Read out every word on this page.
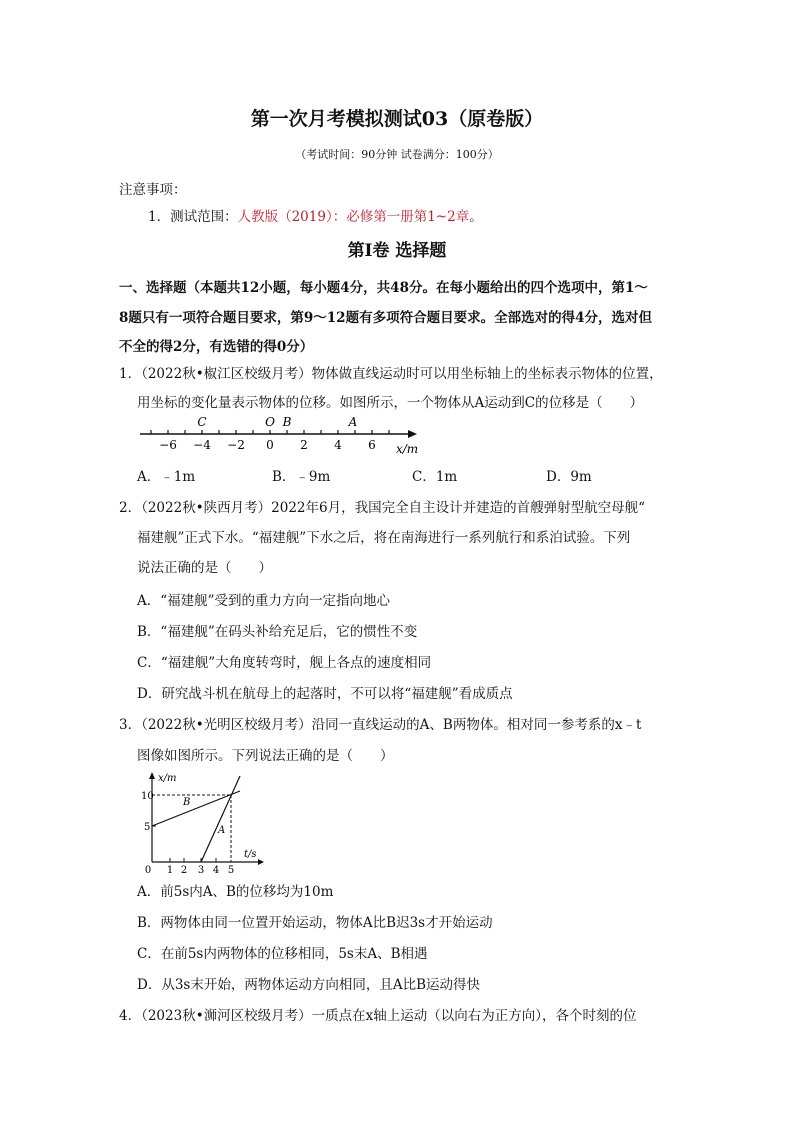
第一次月考模拟测试03（原卷版）
（考试时间：90分钟 试卷满分：100分）
注意事项：
1．测试范围：人教版（2019）：必修第一册第1~2章。
第Ⅰ卷 选择题
一、选择题（本题共12小题，每小题4分，共48分。在每小题给出的四个选项中，第1～
8题只有一项符合题目要求，第9～12题有多项符合题目要求。全部选对的得4分，选对但
不全的得2分，有选错的得0分）
1．（2022秋•椒江区校级月考）物体做直线运动时可以用坐标轴上的坐标表示物体的位置，
用坐标的变化量表示物体的位移。如图所示，一个物体从A运动到C的位移是（　　）
−6 −4 −2 0 2 4 6
C	O B	A
x/m
A．﹣1m	B．﹣9m	C．1m	D．9m
2．（2022秋•陕西月考）2022年6月，我国完全自主设计并建造的首艘弹射型航空母舰“
福建舰”正式下水。“福建舰”下水之后，将在南海进行一系列航行和系泊试验。下列
说法正确的是（　　）
A．“福建舰”受到的重力方向一定指向地心
B．“福建舰”在码头补给充足后，它的惯性不变
C．“福建舰”大角度转弯时，舰上各点的速度相同
D．研究战斗机在航母上的起落时，不可以将“福建舰”看成质点
3．（2022秋•光明区校级月考）沿同一直线运动的A、B两物体。相对同一参考系的x﹣t
图像如图所示。下列说法正确的是（　　）
x/m
t/s
10
5
0 1 2 3 4 5
B
A
A．前5s内A、B的位移均为10m
B．两物体由同一位置开始运动，物体A比B迟3s才开始运动
C．在前5s内两物体的位移相同，5s末A、B相遇
D．从3s末开始，两物体运动方向相同，且A比B运动得快
4．（2023秋•浉河区校级月考）一质点在x轴上运动（以向右为正方向），各个时刻的位
